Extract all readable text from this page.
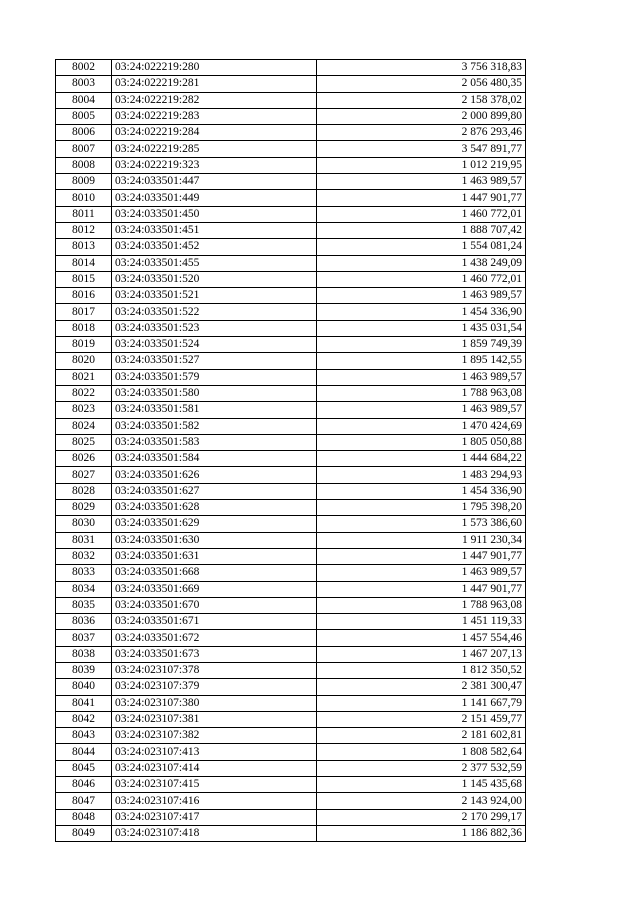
8002	03:24:022219:280	3 756 318,83
8003	03:24:022219:281	2 056 480,35
8004	03:24:022219:282	2 158 378,02
8005	03:24:022219:283	2 000 899,80
8006	03:24:022219:284	2 876 293,46
8007	03:24:022219:285	3 547 891,77
8008	03:24:022219:323	1 012 219,95
8009	03:24:033501:447	1 463 989,57
8010	03:24:033501:449	1 447 901,77
8011	03:24:033501:450	1 460 772,01
8012	03:24:033501:451	1 888 707,42
8013	03:24:033501:452	1 554 081,24
8014	03:24:033501:455	1 438 249,09
8015	03:24:033501:520	1 460 772,01
8016	03:24:033501:521	1 463 989,57
8017	03:24:033501:522	1 454 336,90
8018	03:24:033501:523	1 435 031,54
8019	03:24:033501:524	1 859 749,39
8020	03:24:033501:527	1 895 142,55
8021	03:24:033501:579	1 463 989,57
8022	03:24:033501:580	1 788 963,08
8023	03:24:033501:581	1 463 989,57
8024	03:24:033501:582	1 470 424,69
8025	03:24:033501:583	1 805 050,88
8026	03:24:033501:584	1 444 684,22
8027	03:24:033501:626	1 483 294,93
8028	03:24:033501:627	1 454 336,90
8029	03:24:033501:628	1 795 398,20
8030	03:24:033501:629	1 573 386,60
8031	03:24:033501:630	1 911 230,34
8032	03:24:033501:631	1 447 901,77
8033	03:24:033501:668	1 463 989,57
8034	03:24:033501:669	1 447 901,77
8035	03:24:033501:670	1 788 963,08
8036	03:24:033501:671	1 451 119,33
8037	03:24:033501:672	1 457 554,46
8038	03:24:033501:673	1 467 207,13
8039	03:24:023107:378	1 812 350,52
8040	03:24:023107:379	2 381 300,47
8041	03:24:023107:380	1 141 667,79
8042	03:24:023107:381	2 151 459,77
8043	03:24:023107:382	2 181 602,81
8044	03:24:023107:413	1 808 582,64
8045	03:24:023107:414	2 377 532,59
8046	03:24:023107:415	1 145 435,68
8047	03:24:023107:416	2 143 924,00
8048	03:24:023107:417	2 170 299,17
8049	03:24:023107:418	1 186 882,36
